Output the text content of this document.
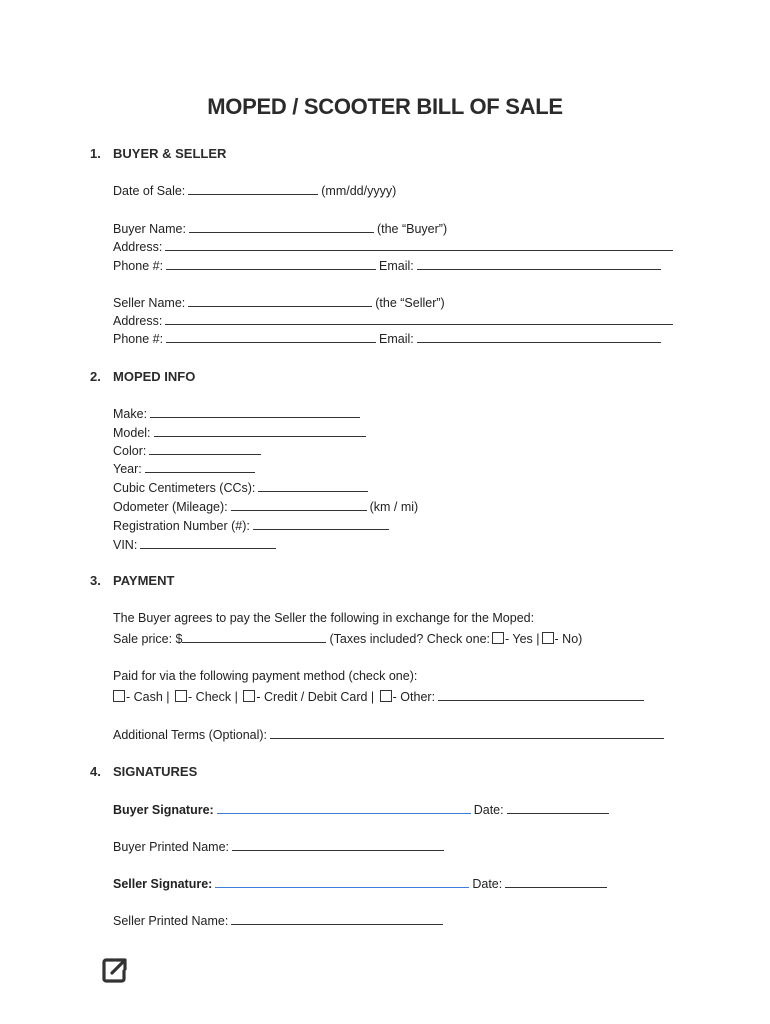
MOPED / SCOOTER BILL OF SALE
1. BUYER & SELLER
Date of Sale:	(mm/dd/yyyy)
Buyer Name:	(the “Buyer”)
Address:
Phone #:	Email:
Seller Name:	(the “Seller”)
Address:
Phone #:	Email:
2. MOPED INFO
Make:
Model:
Color:
Year:
Cubic Centimeters (CCs):
Odometer (Mileage):	(km / mi)
Registration Number (#):
VIN:
3. PAYMENT
The Buyer agrees to pay the Seller the following in exchange for the Moped:
Sale price: $	(Taxes included? Check one: - Yes | - No)
Paid for via the following payment method (check one):
- Cash | - Check | - Credit / Debit Card | - Other:
Additional Terms (Optional):
4. SIGNATURES
Buyer Signature:	Date:
Buyer Printed Name:
Seller Signature:	Date:
Seller Printed Name:
